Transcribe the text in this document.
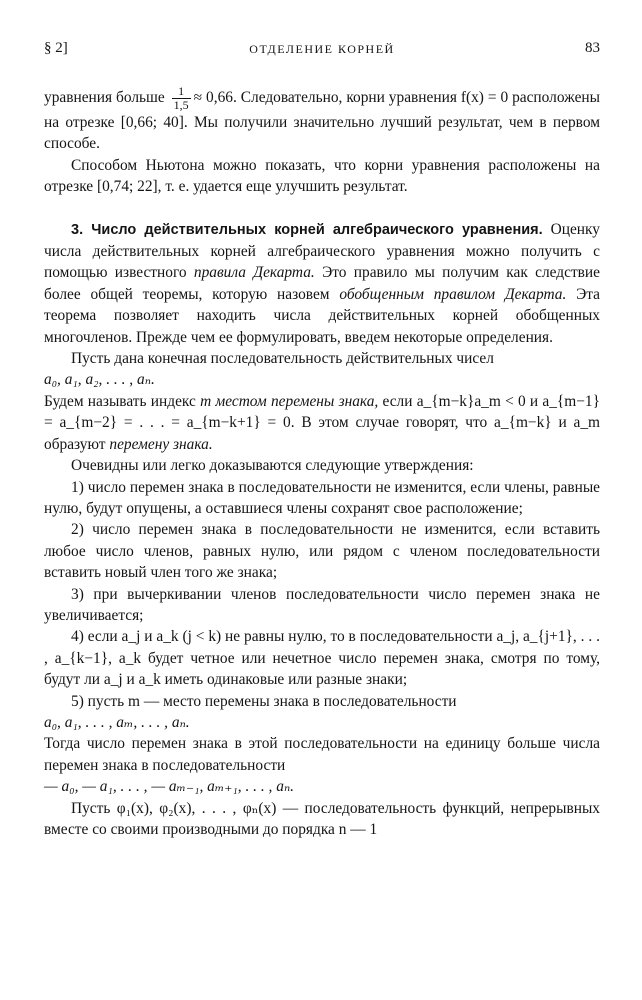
§ 2]	ОТДЕЛЕНИЕ КОРНЕЙ	83

уравнения больше $\frac{1}{1,5} \approx 0,66$. Следовательно, корни уравнения f(x) = 0 расположены на отрезке [0,66; 40]. Мы получили значительно лучший результат, чем в первом способе.

Способом Ньютона можно показать, что корни уравнения расположены на отрезке [0,74; 22], т. е. удается еще улучшить результат.

3. Число действительных корней алгебраического уравнения. Оценку числа действительных корней алгебраического уравнения можно получить с помощью известного правила Декарта. Это правило мы получим как следствие более общей теоремы, которую назовем обобщенным правилом Декарта. Эта теорема позволяет находить числа действительных корней обобщенных многочленов. Прежде чем ее формулировать, введем некоторые определения.

Пусть дана конечная последовательность действительных чисел

a₀, a₁, a₂, . . . , aₙ.

Будем называть индекс m местом перемены знака, если a_{m−k}a_m < 0 и a_{m−1} = a_{m−2} = . . . = a_{m−k+1} = 0. В этом случае говорят, что a_{m−k} и a_m образуют перемену знака.

Очевидны или легко доказываются следующие утверждения:

1) число перемен знака в последовательности не изменится, если члены, равные нулю, будут опущены, а оставшиеся члены сохранят свое расположение;

2) число перемен знака в последовательности не изменится, если вставить любое число членов, равных нулю, или рядом с членом последовательности вставить новый член того же знака;

3) при вычеркивании членов последовательности число перемен знака не увеличивается;

4) если a_j и a_k (j < k) не равны нулю, то в последовательности a_j, a_{j+1}, . . . , a_{k−1}, a_k будет четное или нечетное число перемен знака, смотря по тому, будут ли a_j и a_k иметь одинаковые или разные знаки;

5) пусть m — место перемены знака в последовательности

a₀, a₁, . . . , aₘ, . . . , aₙ.

Тогда число перемен знака в этой последовательности на единицу больше числа перемен знака в последовательности

— a₀, — a₁, . . . , — aₘ₋₁, aₘ₊₁, . . . , aₙ.

Пусть φ₁(x), φ₂(x), . . . , φₙ(x) — последовательность функций, непрерывных вместе со своими производными до порядка n — 1
